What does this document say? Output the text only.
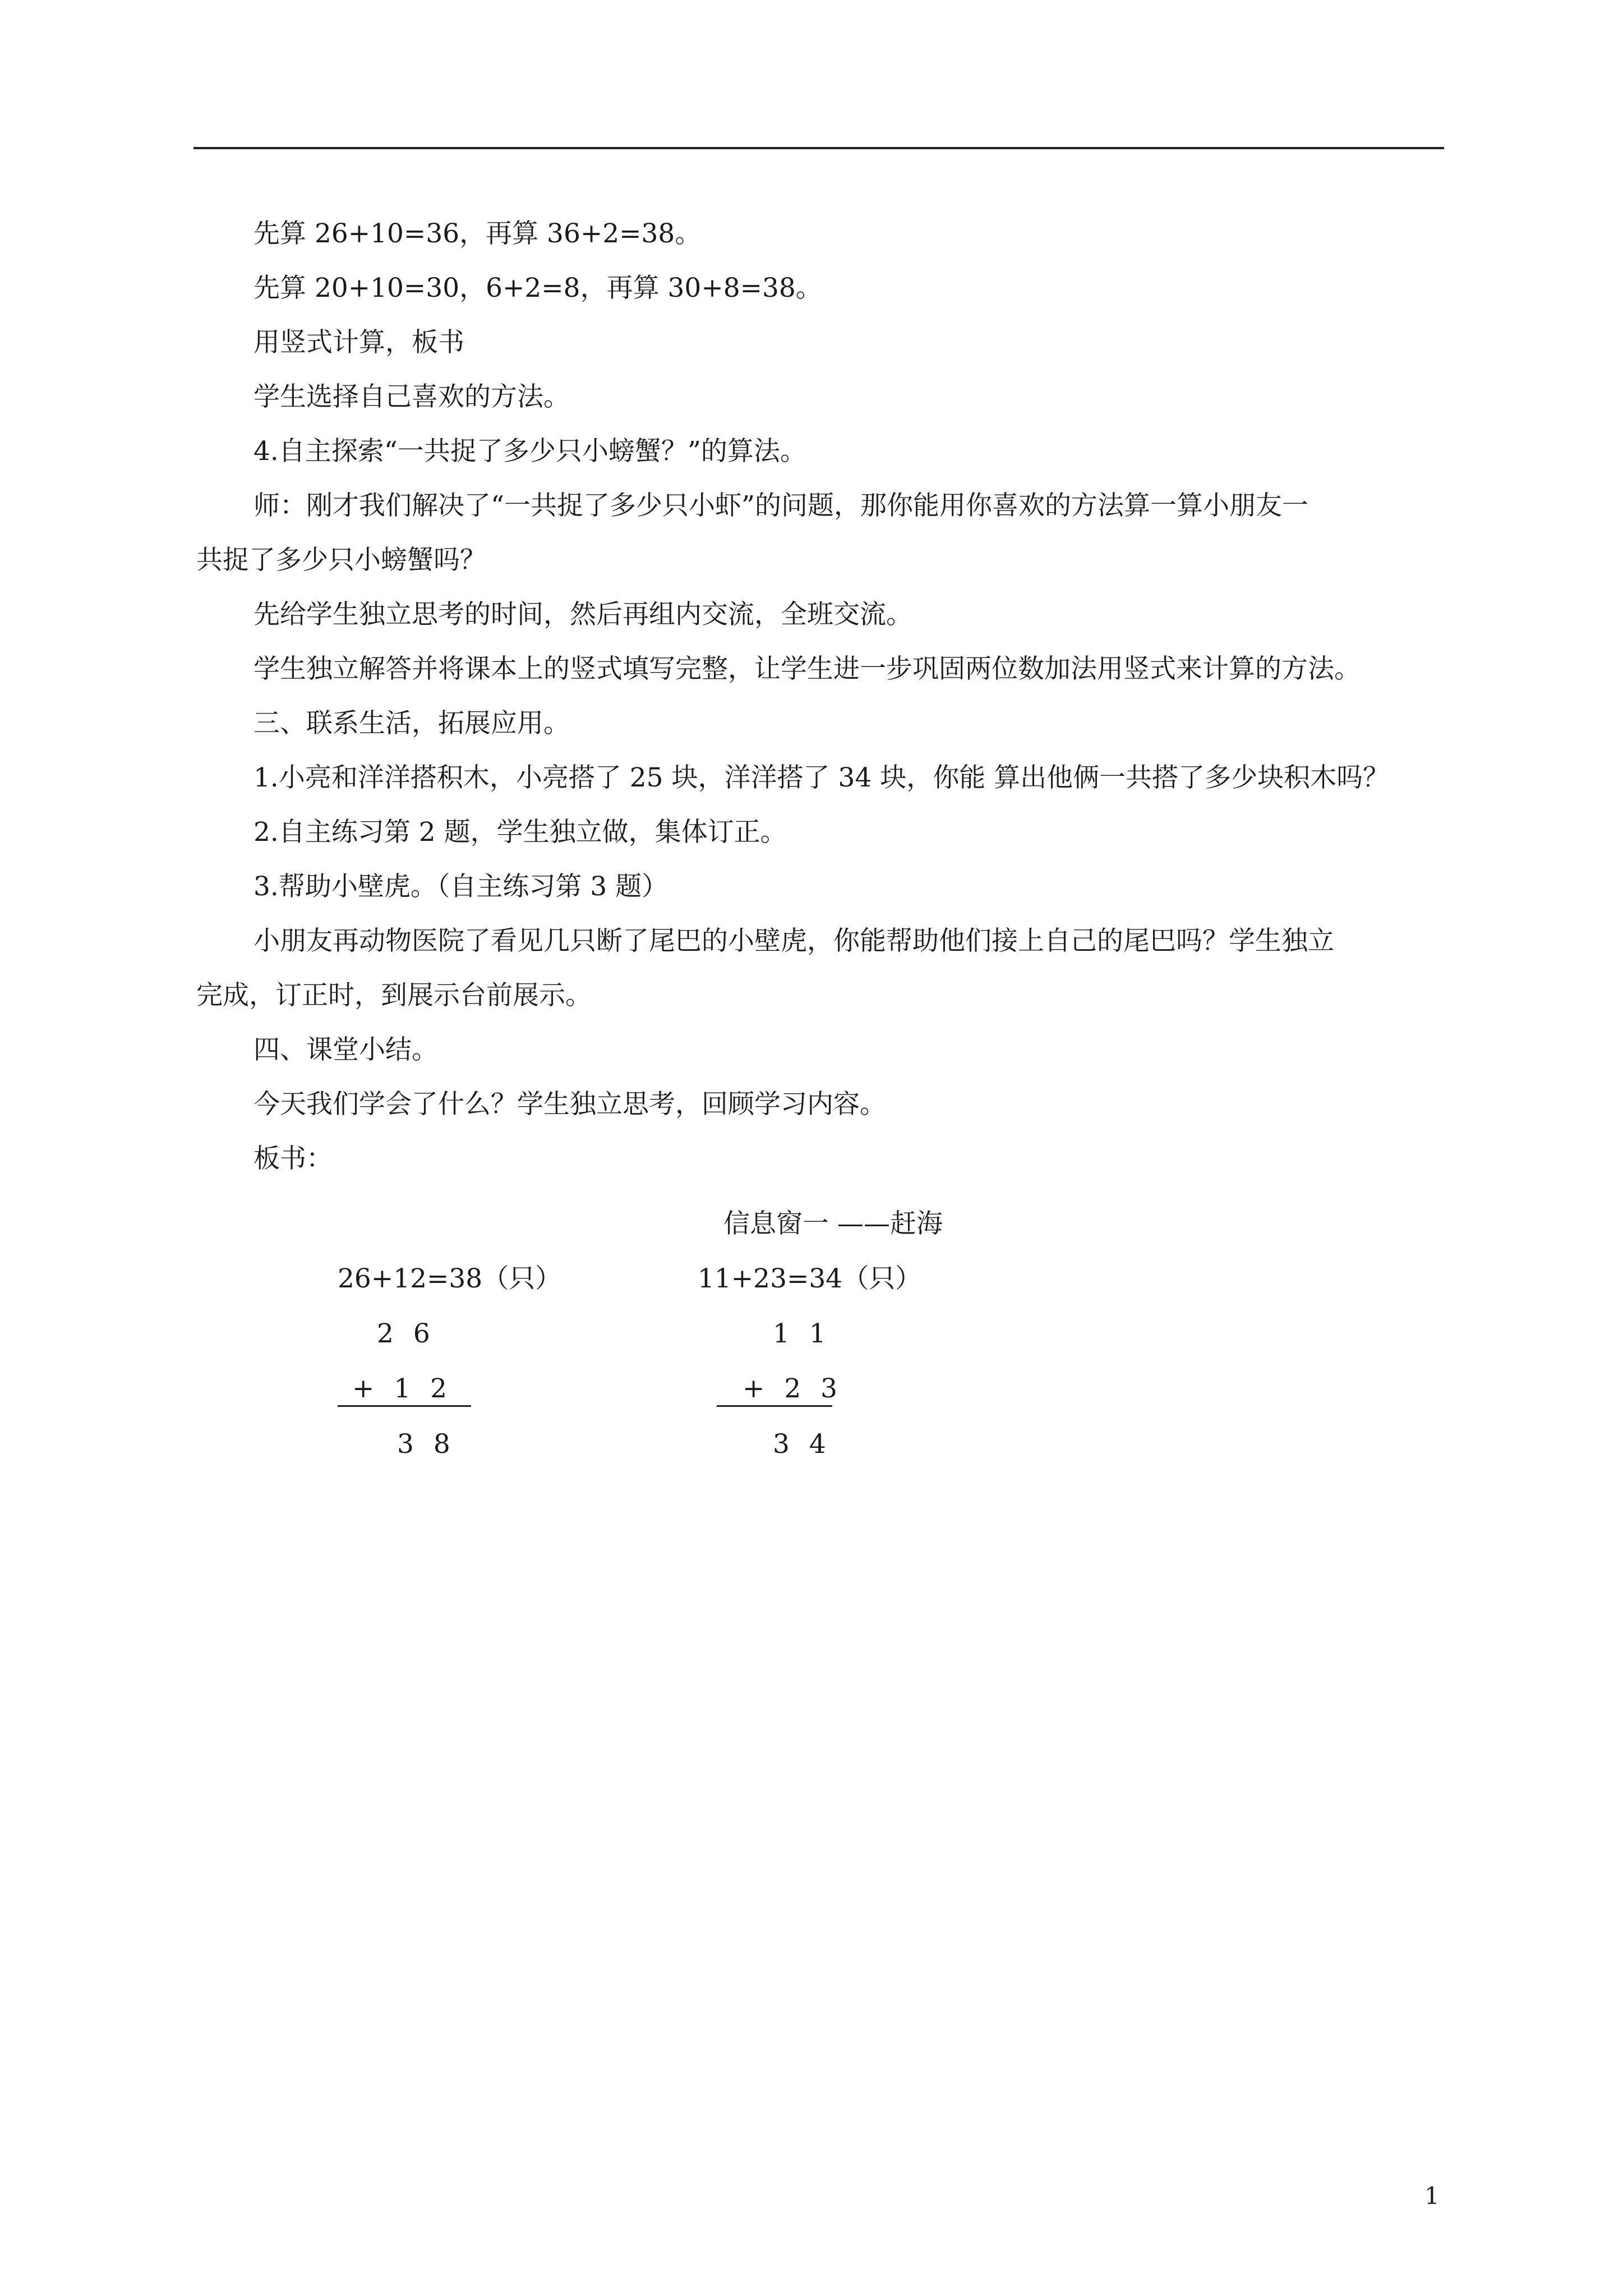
先算 26+10=36，再算 36+2=38。
先算 20+10=30，6+2=8，再算 30+8=38。
用竖式计算，板书
学生选择自己喜欢的方法。
4.自主探索“一共捉了多少只小螃蟹？”的算法。
师：刚才我们解决了“一共捉了多少只小虾”的问题，那你能用你喜欢的方法算一算小朋友一
共捉了多少只小螃蟹吗？
先给学生独立思考的时间，然后再组内交流，全班交流。
学生独立解答并将课本上的竖式填写完整，让学生进一步巩固两位数加法用竖式来计算的方法。
三、联系生活，拓展应用。
1.小亮和洋洋搭积木，小亮搭了 25 块，洋洋搭了 34 块，你能 算出他俩一共搭了多少块积木吗？
2.自主练习第 2 题，学生独立做，集体订正。
3.帮助小壁虎。（自主练习第 3 题）
小朋友再动物医院了看见几只断了尾巴的小壁虎，你能帮助他们接上自己的尾巴吗？学生独立
完成，订正时，到展示台前展示。
四、课堂小结。
今天我们学会了什么？学生独立思考，回顾学习内容。
板书：
信息窗一 ——赶海
26+12=38（只）
2 6
+ 1 2
3 8
11+23=34（只）
1 1
+ 2 3
3 4
1
